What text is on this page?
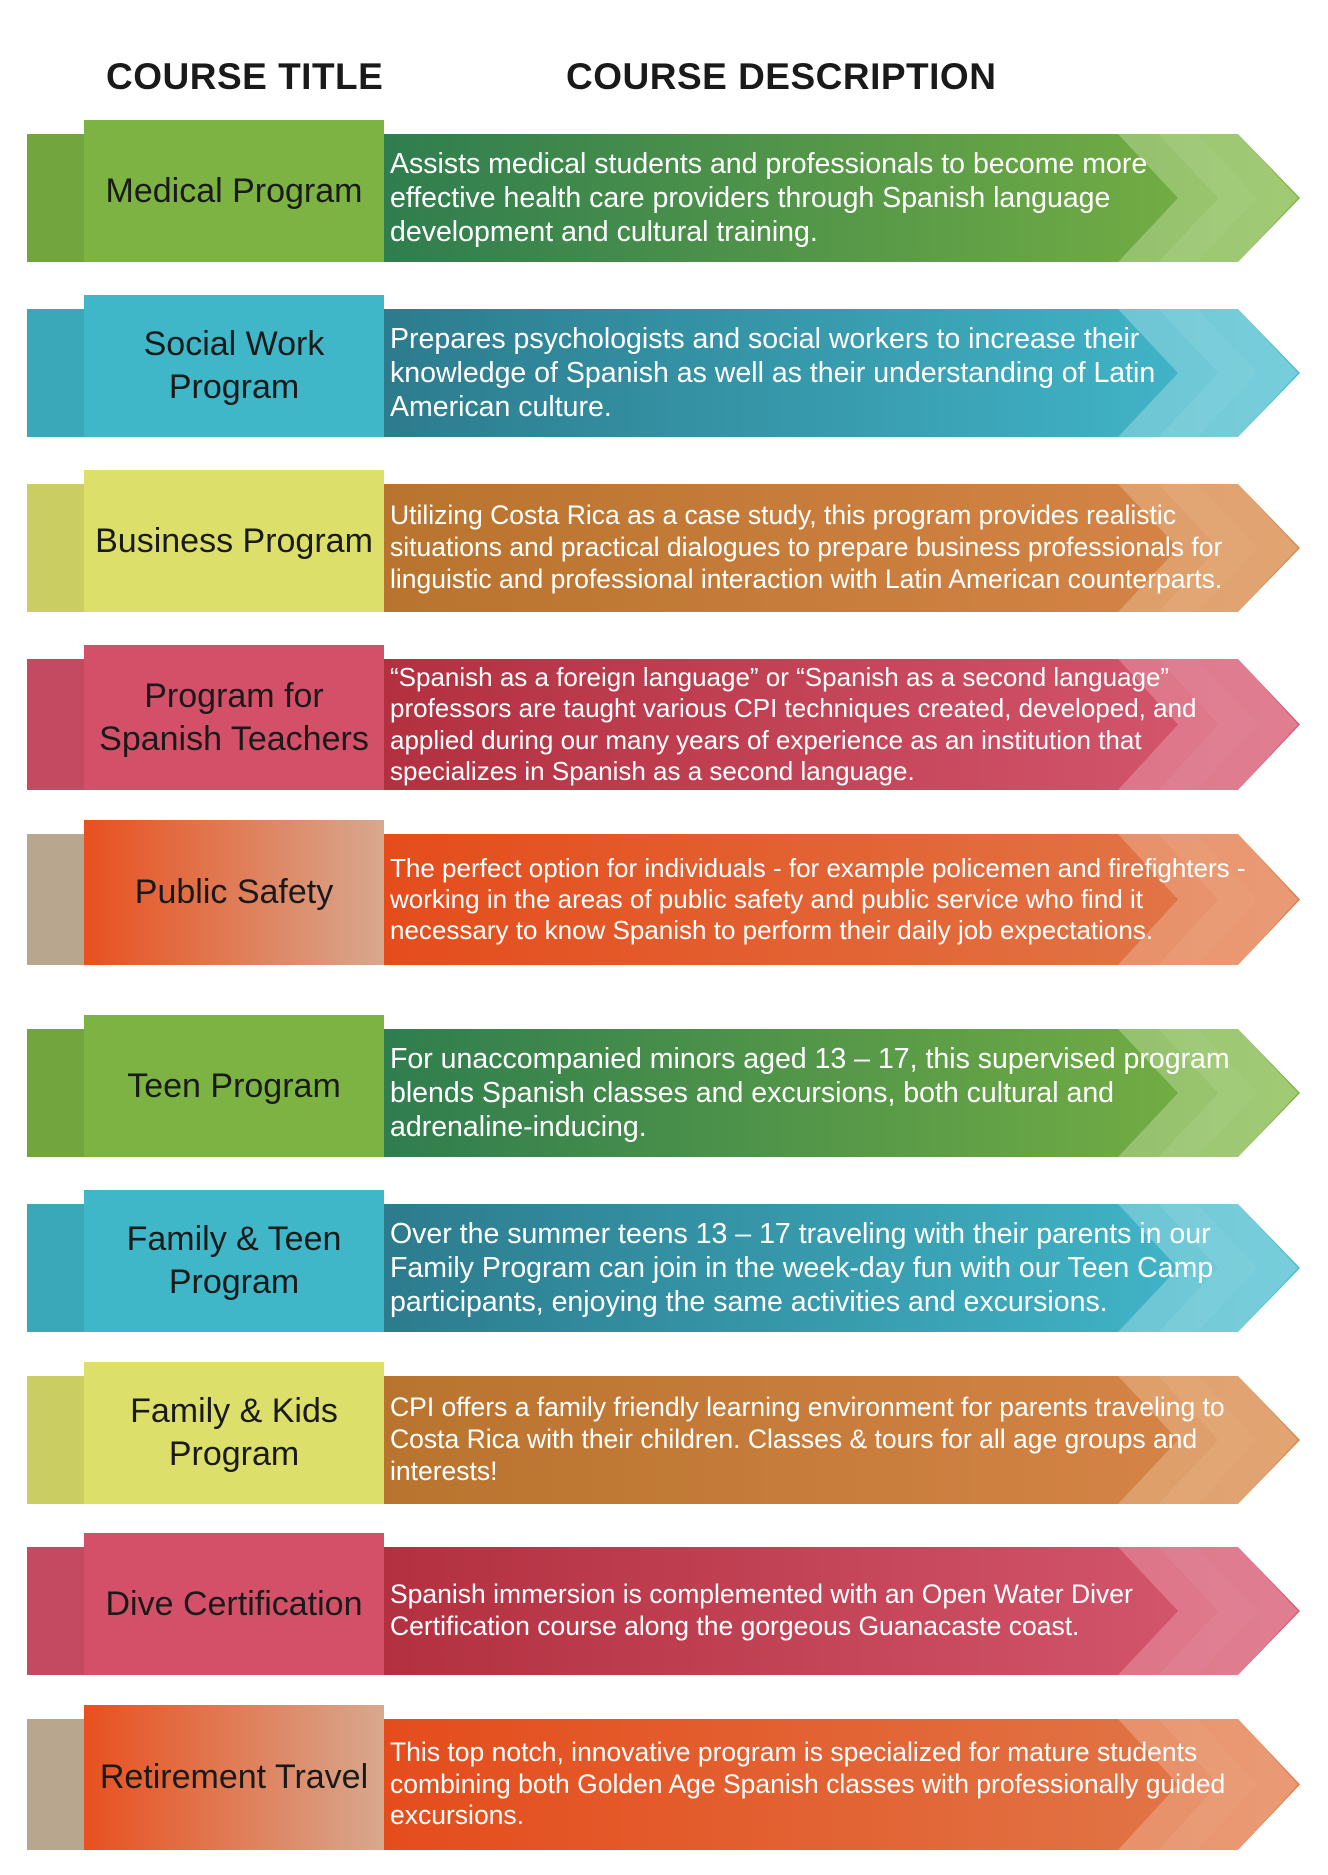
COURSE TITLE	COURSE DESCRIPTION
Medical Program
Assists medical students and professionals to become more effective health care providers through Spanish language development and cultural training.
Social Work Program
Prepares psychologists and social workers to increase their knowledge of Spanish as well as their understanding of Latin American culture.
Business Program
Utilizing Costa Rica as a case study, this program provides realistic situations and practical dialogues to prepare business professionals for linguistic and professional interaction with Latin American counterparts.
Program for Spanish Teachers
“Spanish as a foreign language” or “Spanish as a second language” professors are taught various CPI techniques created, developed, and applied during our many years of experience as an institution that specializes in Spanish as a second language.
Public Safety
The perfect option for individuals - for example policemen and firefighters - working in the areas of public safety and public service who find it necessary to know Spanish to perform their daily job expectations.
Teen Program
For unaccompanied minors aged 13 – 17, this supervised program blends Spanish classes and excursions, both cultural and adrenaline-inducing.
Family & Teen Program
Over the summer teens 13 – 17 traveling with their parents in our Family Program can join in the week-day fun with our Teen Camp participants, enjoying the same activities and excursions.
Family & Kids Program
CPI offers a family friendly learning environment for parents traveling to Costa Rica with their children. Classes & tours for all age groups and interests!
Dive Certification	Spanish immersion is complemented with an Open Water Diver Certification course along the gorgeous Guanacaste coast.
Retirement Travel
This top notch, innovative program is specialized for mature students combining both Golden Age Spanish classes with professionally guided excursions.
